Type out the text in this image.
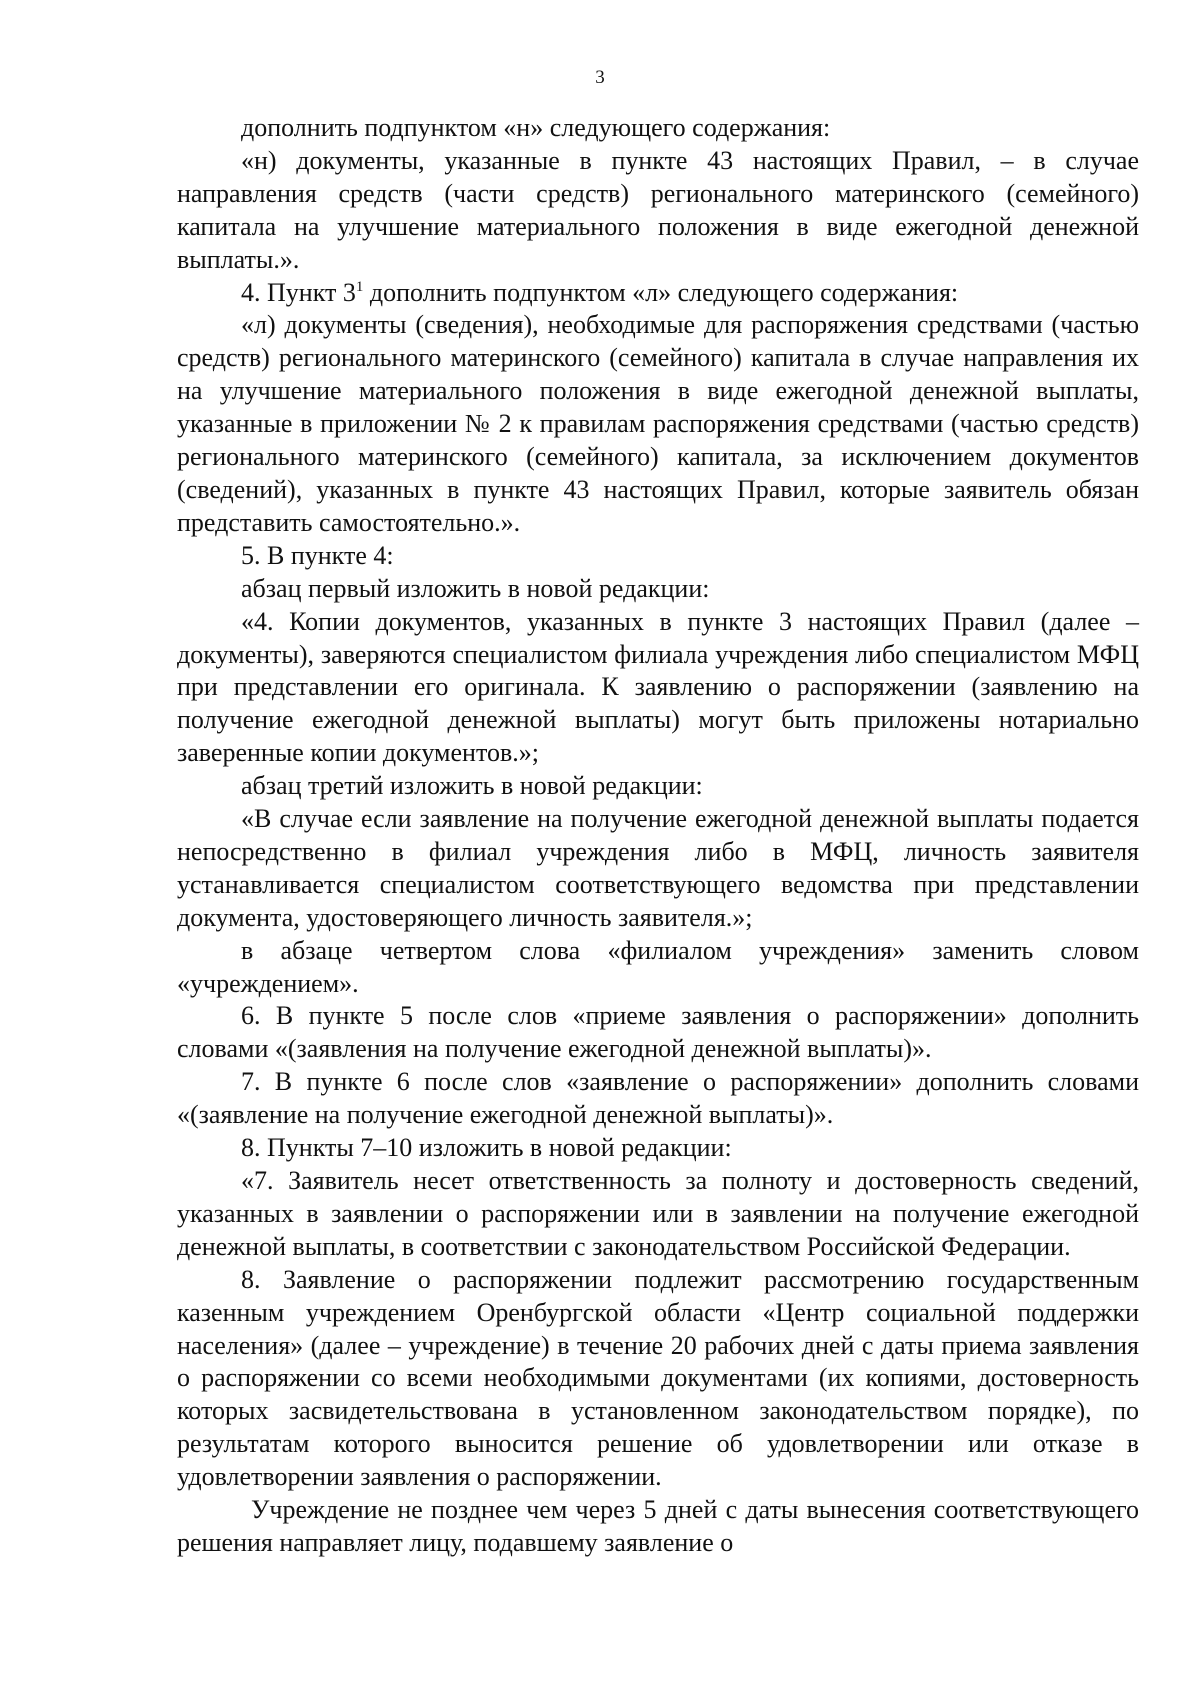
3

дополнить подпунктом «н» следующего содержания:

«н) документы, указанные в пункте 43 настоящих Правил, – в случае направления средств (части средств) регионального материнского (семейного) капитала на улучшение материального положения в виде ежегодной денежной выплаты.».

4. Пункт $3^1$ дополнить подпунктом «л» следующего содержания:

«л) документы (сведения), необходимые для распоряжения средствами (частью средств) регионального материнского (семейного) капитала в случае направления их на улучшение материального положения в виде ежегодной денежной выплаты, указанные в приложении № 2 к правилам распоряжения средствами (частью средств) регионального материнского (семейного) капитала, за исключением документов (сведений), указанных в пункте 43 настоящих Правил, которые заявитель обязан представить самостоятельно.».

5. В пункте 4:

абзац первый изложить в новой редакции:

«4. Копии документов, указанных в пункте 3 настоящих Правил (далее – документы), заверяются специалистом филиала учреждения либо специалистом МФЦ при представлении его оригинала. К заявлению о распоряжении (заявлению на получение ежегодной денежной выплаты) могут быть приложены нотариально заверенные копии документов.»;

абзац третий изложить в новой редакции:

«В случае если заявление на получение ежегодной денежной выплаты подается непосредственно в филиал учреждения либо в МФЦ, личность заявителя устанавливается специалистом соответствующего ведомства при представлении документа, удостоверяющего личность заявителя.»;

в абзаце четвертом слова «филиалом учреждения» заменить словом «учреждением».

6. В пункте 5 после слов «приеме заявления о распоряжении» дополнить словами «(заявления на получение ежегодной денежной выплаты)».

7. В пункте 6 после слов «заявление о распоряжении» дополнить словами «(заявление на получение ежегодной денежной выплаты)».

8. Пункты 7–10 изложить в новой редакции:

«7. Заявитель несет ответственность за полноту и достоверность сведений, указанных в заявлении о распоряжении или в заявлении на получение ежегодной денежной выплаты, в соответствии с законодательством Российской Федерации.

8. Заявление о распоряжении подлежит рассмотрению государственным казенным учреждением Оренбургской области «Центр социальной поддержки населения» (далее – учреждение) в течение 20 рабочих дней с даты приема заявления о распоряжении со всеми необходимыми документами (их копиями, достоверность которых засвидетельствована в установленном законодательством порядке), по результатам которого выносится решение об удовлетворении или отказе в удовлетворении заявления о распоряжении.

Учреждение не позднее чем через 5 дней с даты вынесения соответствующего решения направляет лицу, подавшему заявление о
